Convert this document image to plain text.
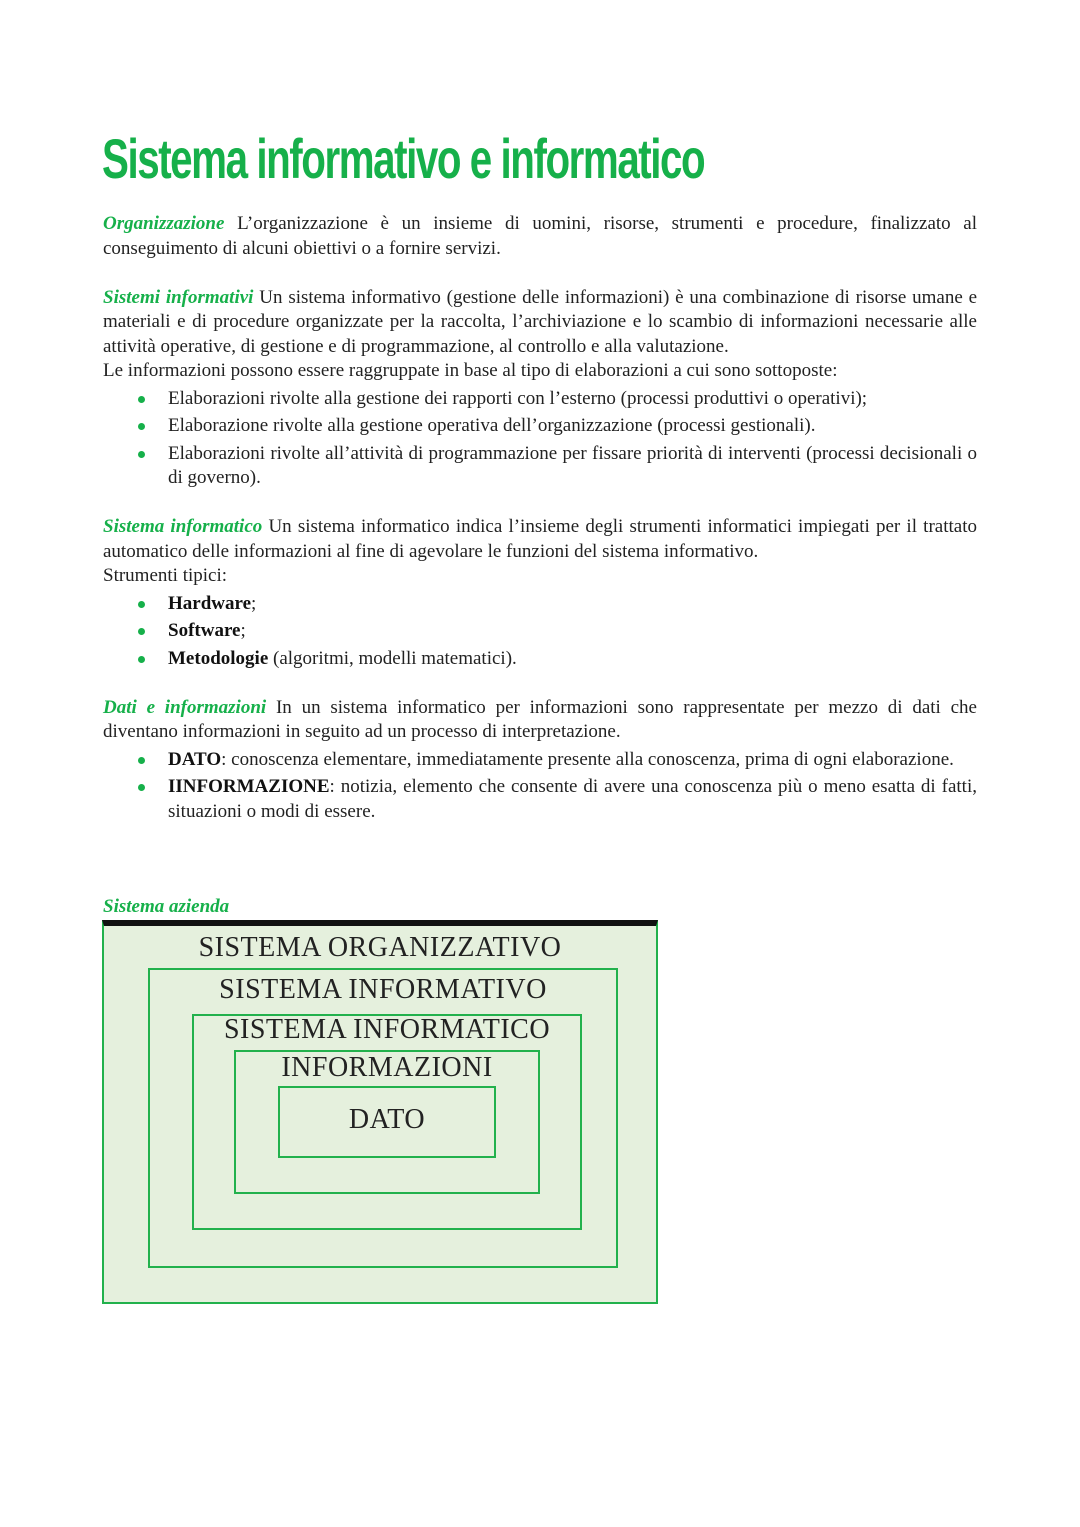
Sistema informativo e informatico

Organizzazione L’organizzazione è un insieme di uomini, risorse, strumenti e procedure, finalizzato al conseguimento di alcuni obiettivi o a fornire servizi.

Sistemi informativi Un sistema informativo (gestione delle informazioni) è una combinazione di risorse umane e materiali e di procedure organizzate per la raccolta, l’archiviazione e lo scambio di informazioni necessarie alle attività operative, di gestione e di programmazione, al controllo e alla valutazione.

Le informazioni possono essere raggruppate in base al tipo di elaborazioni a cui sono sottoposte:

Elaborazioni rivolte alla gestione dei rapporti con l’esterno (processi produttivi o operativi);
Elaborazione rivolte alla gestione operativa dell’organizzazione (processi gestionali).
Elaborazioni rivolte all’attività di programmazione per fissare priorità di interventi (processi decisionali o di governo).

Sistema informatico Un sistema informatico indica l’insieme degli strumenti informatici impiegati per il trattato automatico delle informazioni al fine di agevolare le funzioni del sistema informativo.

Strumenti tipici:

Hardware;
Software;
Metodologie (algoritmi, modelli matematici).

Dati e informazioni In un sistema informatico per informazioni sono rappresentate per mezzo di dati che diventano informazioni in seguito ad un processo di interpretazione.

DATO: conoscenza elementare, immediatamente presente alla conoscenza, prima di ogni elaborazione.
IINFORMAZIONE: notizia, elemento che consente di avere una conoscenza più o meno esatta di fatti, situazioni o modi di essere.
Sistema azienda
SISTEMA ORGANIZZATIVO
SISTEMA INFORMATIVO
SISTEMA INFORMATICO
INFORMAZIONI
DATO
